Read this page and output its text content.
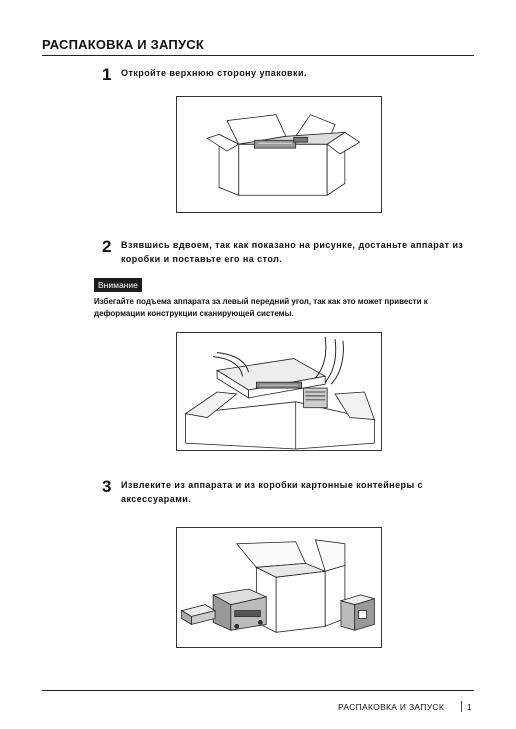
РАСПАКОВКА И ЗАПУСК
1 Откройте верхнюю сторону упаковки.
2 Взявшись вдвоем, так как показано на рисунке, достаньте аппарат из коробки и поставьте его на стол.
Внимание
Избегайте подъема аппарата за левый передний угол, так как это может привести к деформации конструкции сканирующей системы.
3 Извлеките из аппарата и из коробки картонные контейнеры с аксессуарами.
РАСПАКОВКА И ЗАПУСК	1
